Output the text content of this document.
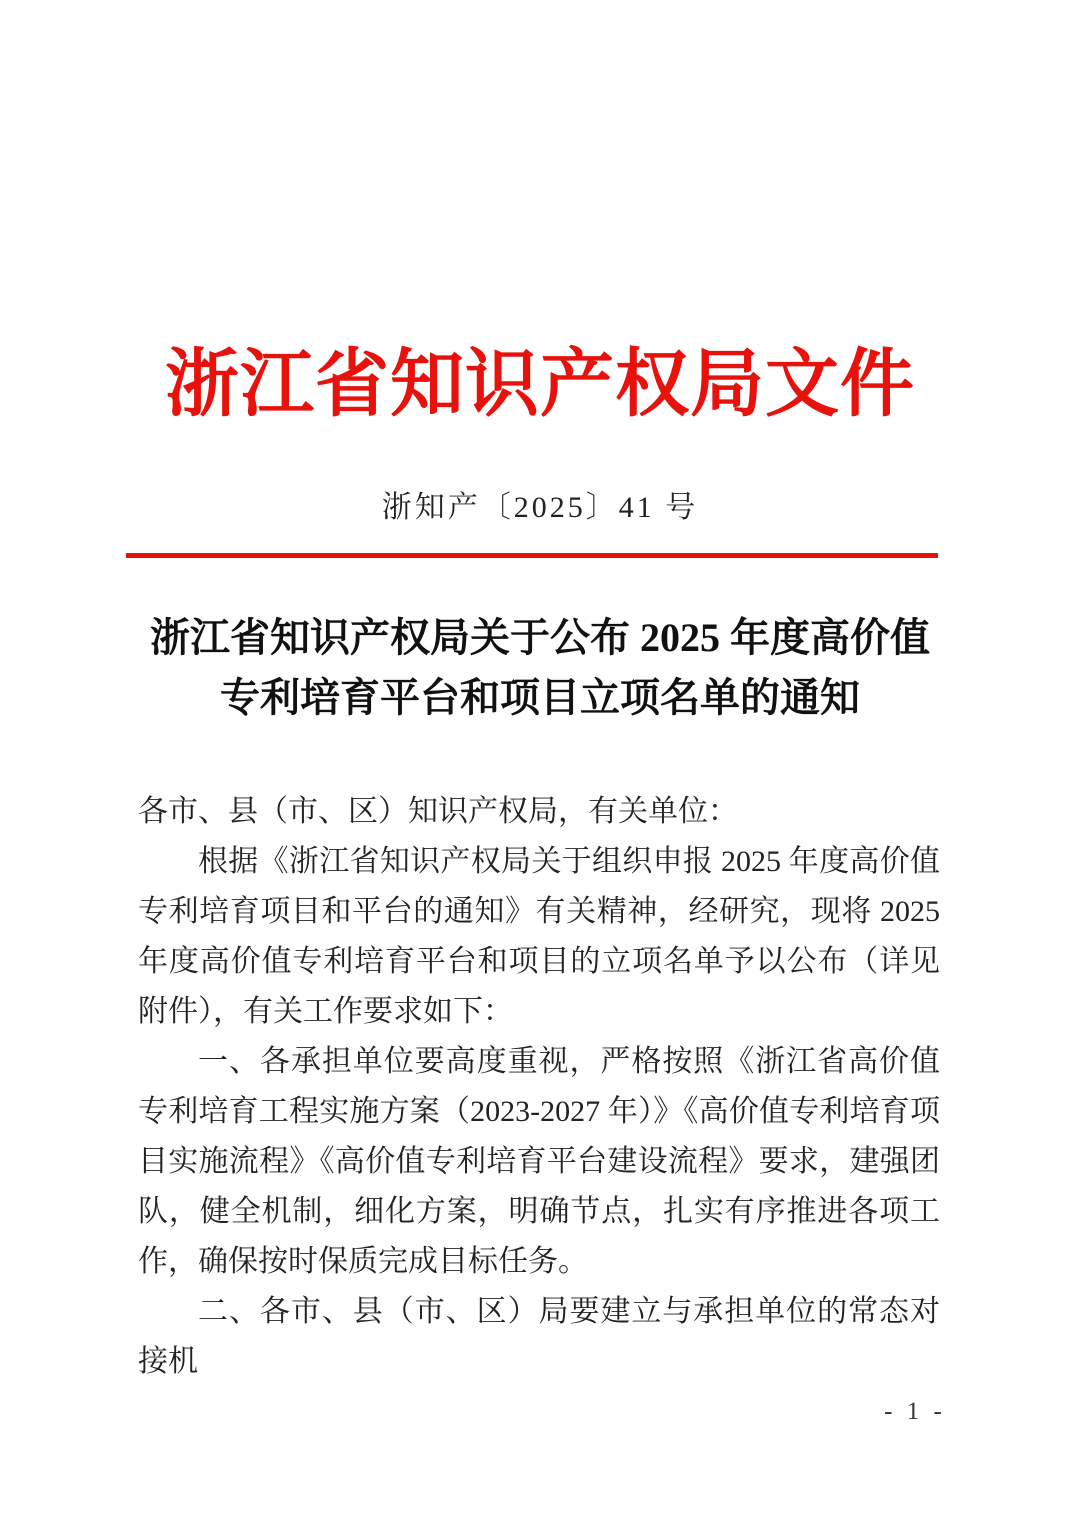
浙江省知识产权局文件
浙知产〔2025〕41 号
浙江省知识产权局关于公布 2025 年度高价值
专利培育平台和项目立项名单的通知

各市、县（市、区）知识产权局，有关单位：

根据《浙江省知识产权局关于组织申报 2025 年度高价值专利培育项目和平台的通知》有关精神，经研究，现将 2025 年度高价值专利培育平台和项目的立项名单予以公布（详见附件），有关工作要求如下：

一、各承担单位要高度重视，严格按照《浙江省高价值专利培育工程实施方案（2023-2027 年）》《高价值专利培育项目实施流程》《高价值专利培育平台建设流程》要求，建强团队，健全机制，细化方案，明确节点，扎实有序推进各项工作，确保按时保质完成目标任务。

二、各市、县（市、区）局要建立与承担单位的常态对接机

- 1 -
